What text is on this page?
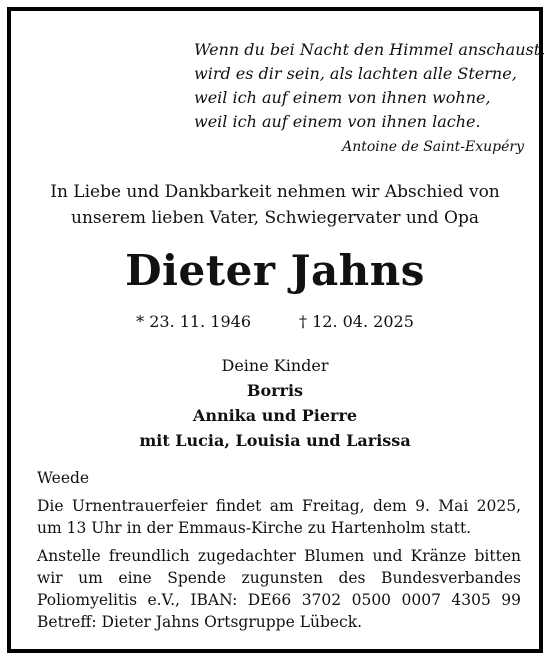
Wenn du bei Nacht den Himmel anschaust,
wird es dir sein, als lachten alle Sterne,
weil ich auf einem von ihnen wohne,
weil ich auf einem von ihnen lache.
Antoine de Saint-Exupéry
In Liebe und Dankbarkeit nehmen wir Abschied von
unserem lieben Vater, Schwiegervater und Opa
Dieter Jahns
* 23. 11. 1946	† 12. 04. 2025
Deine Kinder
Borris
Annika und Pierre
mit Lucia, Louisia und Larissa
Weede
Die Urnentrauerfeier findet am Freitag, dem 9. Mai 2025, um 13 Uhr in der Emmaus-Kirche zu Hartenholm statt.
Anstelle freundlich zugedachter Blumen und Kränze bitten wir um eine Spende zugunsten des Bundesverbandes Poliomyelitis e.V., IBAN: DE66 3702 0500 0007 4305 99 Betreff: Dieter Jahns Ortsgruppe Lübeck.
